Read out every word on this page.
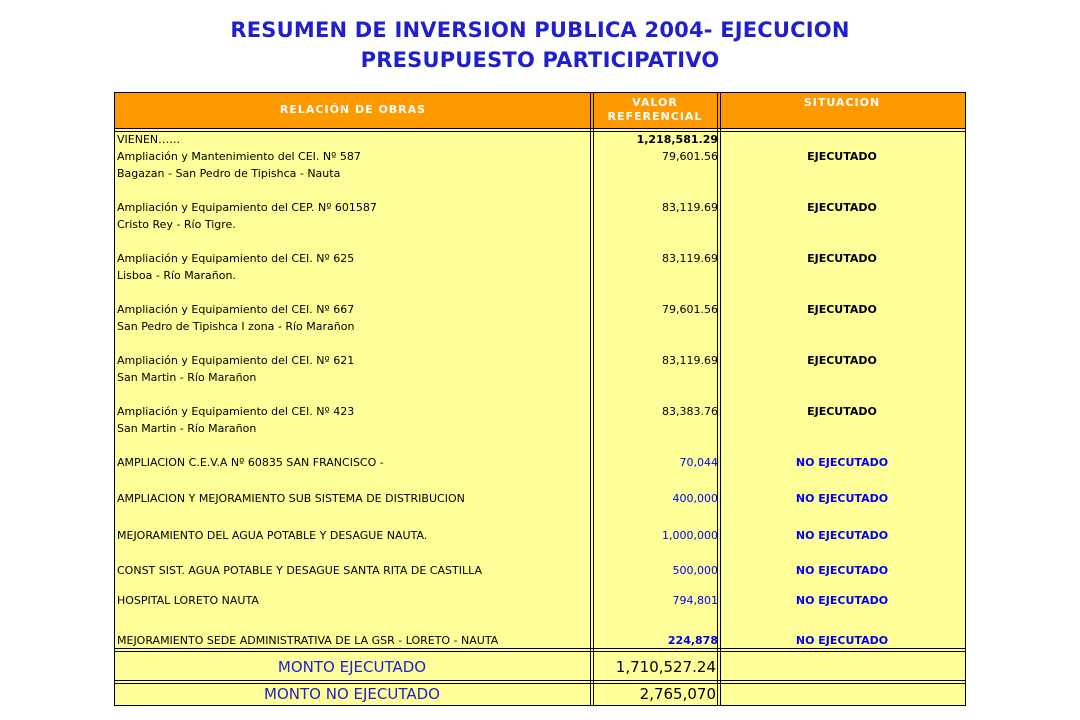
RESUMEN DE INVERSION PUBLICA 2004- EJECUCION
PRESUPUESTO PARTICIPATIVO
RELACIÓN DE OBRAS
VALOR
REFERENCIAL
SITUACION
VIENEN……	1,218,581.29
Ampliación y Mantenimiento del CEI. Nº 587
Bagazan - San Pedro de Tipishca - Nauta
79,601.56	EJECUTADO
Ampliación y Equipamiento del CEP. Nº 601587
Cristo Rey - Río Tigre.
83,119.69	EJECUTADO
Ampliación y Equipamiento del CEI. Nº 625
Lisboa - Río Marañon.
83,119.69	EJECUTADO
Ampliación y Equipamiento del CEI. Nº 667
San Pedro de Tipishca I zona - Río Marañon
79,601.56	EJECUTADO
Ampliación y Equipamiento del CEI. Nº 621
San Martin - Río Marañon
83,119.69	EJECUTADO
Ampliación y Equipamiento del CEI. Nº 423
San Martin - Río Marañon
83,383.76	EJECUTADO
AMPLIACION C.E.V.A Nº 60835 SAN FRANCISCO -	70,044	NO EJECUTADO
AMPLIACION Y MEJORAMIENTO SUB SISTEMA DE DISTRIBUCION	400,000	NO EJECUTADO
MEJORAMIENTO DEL AGUA POTABLE Y DESAGUE NAUTA.	1,000,000	NO EJECUTADO
CONST SIST. AGUA POTABLE Y DESAGUE SANTA RITA DE CASTILLA	500,000	NO EJECUTADO
HOSPITAL LORETO NAUTA	794,801	NO EJECUTADO
MEJORAMIENTO SEDE ADMINISTRATIVA DE LA GSR - LORETO - NAUTA	224,878	NO EJECUTADO
MONTO EJECUTADO	1,710,527.24
MONTO NO EJECUTADO	2,765,070
